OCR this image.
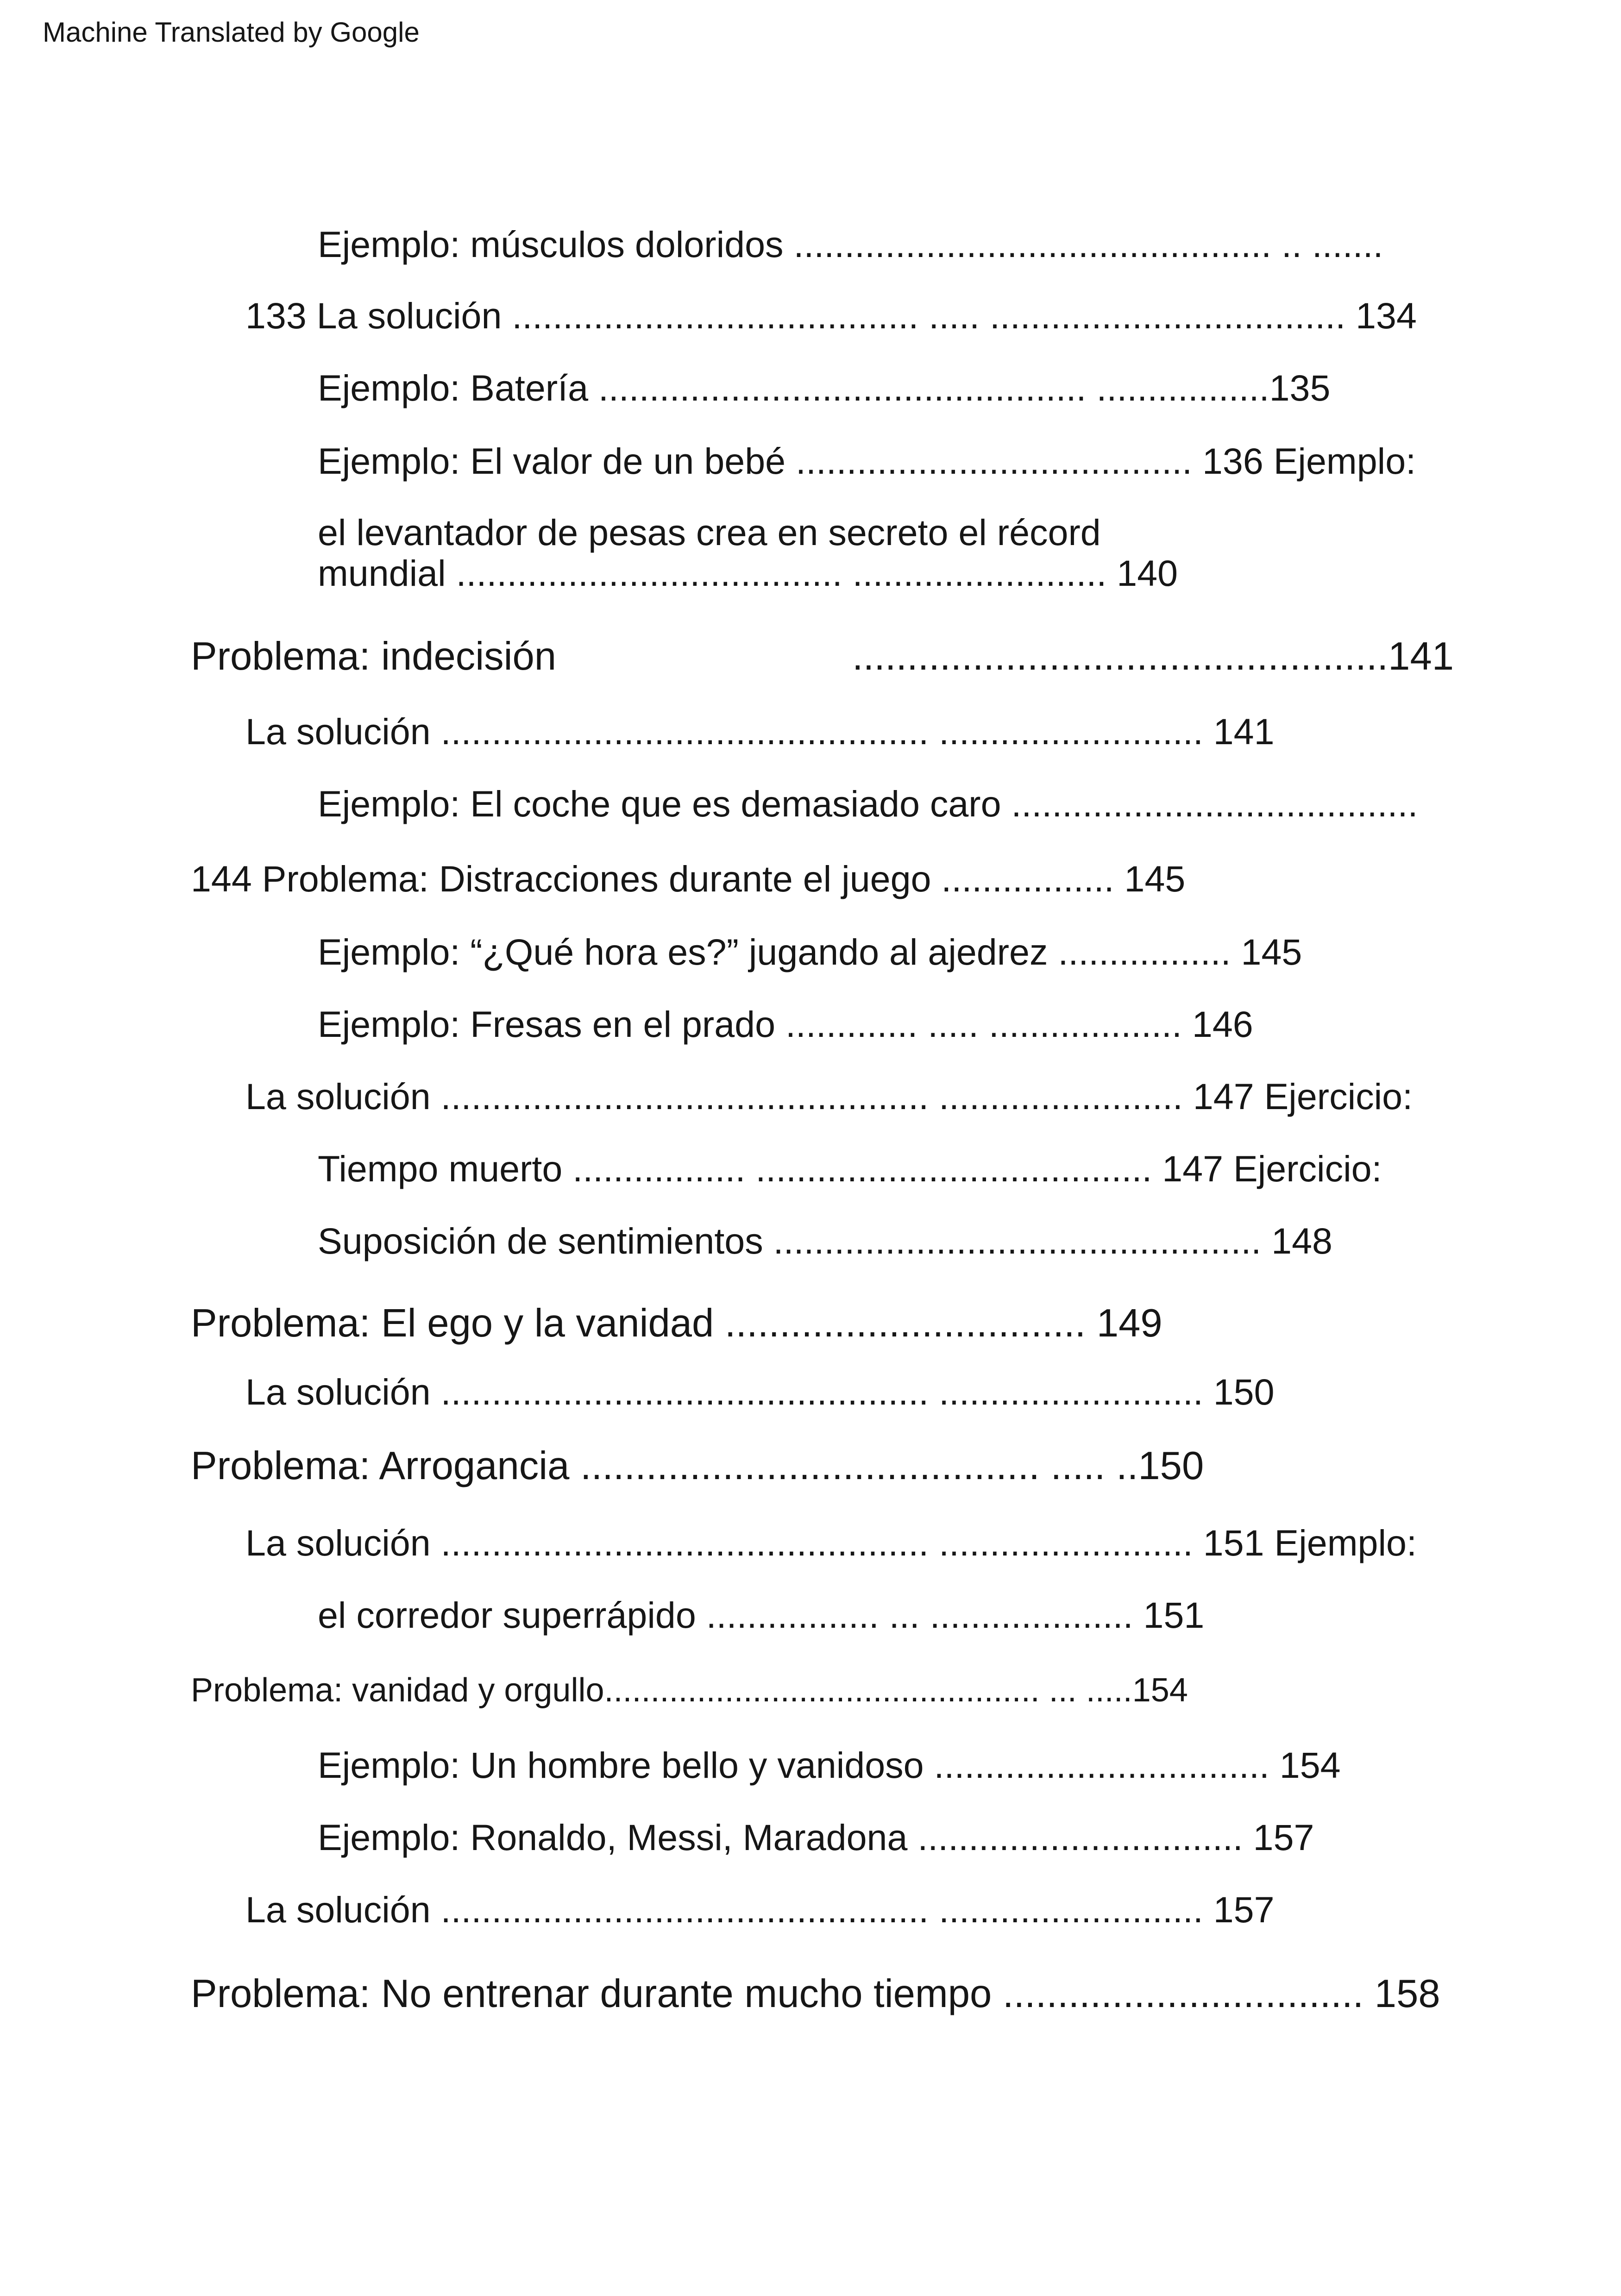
Machine Translated by Google
Ejemplo: músculos doloridos ............................................... .. .......
133 La solución ........................................ ..... ................................... 134
Ejemplo: Batería ................................................ .................135
Ejemplo: El valor de un bebé ....................................... 136 Ejemplo:
el levantador de pesas crea en secreto el récord
mundial ...................................... ......................... 140
Problema: indecisión	.................................................141
La solución ................................................ .......................... 141
Ejemplo: El coche que es demasiado caro ........................................
144 Problema: Distracciones durante el juego ................. 145
Ejemplo: “¿Qué hora es?” jugando al ajedrez ................. 145
Ejemplo: Fresas en el prado ............. ..... ................... 146
La solución ................................................ ........................ 147 Ejercicio:
Tiempo muerto ................. ....................................... 147 Ejercicio:
Suposición de sentimientos ................................................ 148
Problema: El ego y la vanidad ................................. 149
La solución ................................................ .......................... 150
Problema: Arrogancia .......................................... ..... ..150
La solución ................................................ ......................... 151 Ejemplo:
el corredor superrápido ................. ... .................... 151
Problema: vanidad y orgullo............................................... ... .....154
Ejemplo: Un hombre bello y vanidoso ................................. 154
Ejemplo: Ronaldo, Messi, Maradona ................................ 157
La solución ................................................ .......................... 157
Problema: No entrenar durante mucho tiempo ................................. 158
